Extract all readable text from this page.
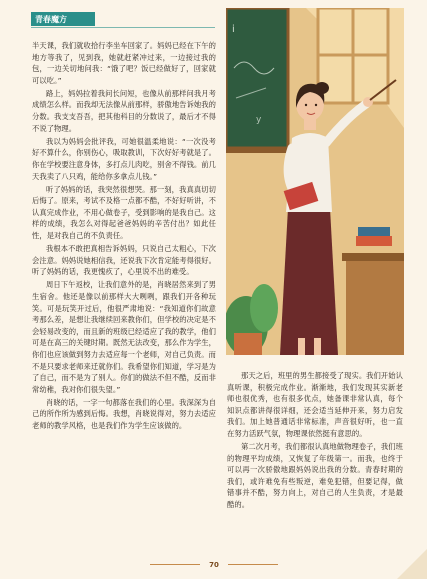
青春魔方

半天课，我们就收拾行李坐车回家了。妈妈已经在下午的地方等我了，见到我，她就赶紧冲过来，一边接过我的包，一边关切地问我：“饿了吧？饭已经做好了，回家就可以吃。”

路上，妈妈拉着我问长问短，也像从前那样问我月考成绩怎么样。而我却无法像从前那样，骄傲地告诉她我的分数。我支支吾吾，把其他科目的分数说了，最后才不得不说了物理。

我以为妈妈会批评我，可她很温柔地说：“一次没考好不算什么，你别伤心，吸取教训，下次好好考就是了。你在学校要注意身体，多打点儿肉吃，别舍不得钱。前几天我卖了八只鸡，能给你多拿点儿钱。”

听了妈妈的话，我突然很想哭。那一刻，我真真切切后悔了。原来，考试不及格一点都不酷，不好好听讲，不认真完成作业，不用心做卷子，受到影响的是我自己。这样的成绩，我怎么对得起爸爸妈妈的辛苦付出？如此任性，是对我自己的不负责任。

我根本不敢把真相告诉妈妈，只说自己太粗心，下次会注意。妈妈说她相信我，还说我下次肯定能考得很好。听了妈妈的话，我更愧疚了，心里说不出的难受。

周日下午返校，让我们意外的是，肖晓居然来到了男生宿舍。他还是像以前那样大大咧咧，跟我们开各种玩笑。可是玩笑开过后，他很严肃地说：“我知道你们故意考那么差，是想让我继续回来教你们，但学校的决定是不会轻易改变的，而且新的班级已经适应了我的教学，他们可是在高三的关键时期。既然无法改变，那么作为学生，你们也应该做到努力去适应每一个老师，对自己负责。而不是只要求老师来迁就你们。我希望你们知道，学习是为了自己，而不是为了别人。你们的做法不但不酷，反而非常幼稚，我对你们很失望。”

肖晓的话，一字一句都落在我们的心里。我深深为自己的所作所为感到后悔。我想，肖晓说得对，努力去适应老师的教学风格，也是我们作为学生应该做的。

i
y

那天之后，班里的男生都接受了现实。我们开始认真听课，积极完成作业。渐渐地，我们发现其实新老师也很优秀，也有很多优点，她备课非常认真，每个知识点都讲得很详细，还会适当延伸开来，努力启发我们。加上她普通话非常标准，声音很好听，也一直在努力活跃气氛，物理课依然挺有意思的。

第二次月考，我们都很认真地做物理卷子，我们班的物理平均成绩，又恢复了年级第一。而我，也终于可以再一次骄傲地跟妈妈说出我的分数。青春时期的我们，或许难免有些叛逆，难免犯错，但要记得，做错事并不酷，努力向上，对自己的人生负责，才是最酷的。

70
